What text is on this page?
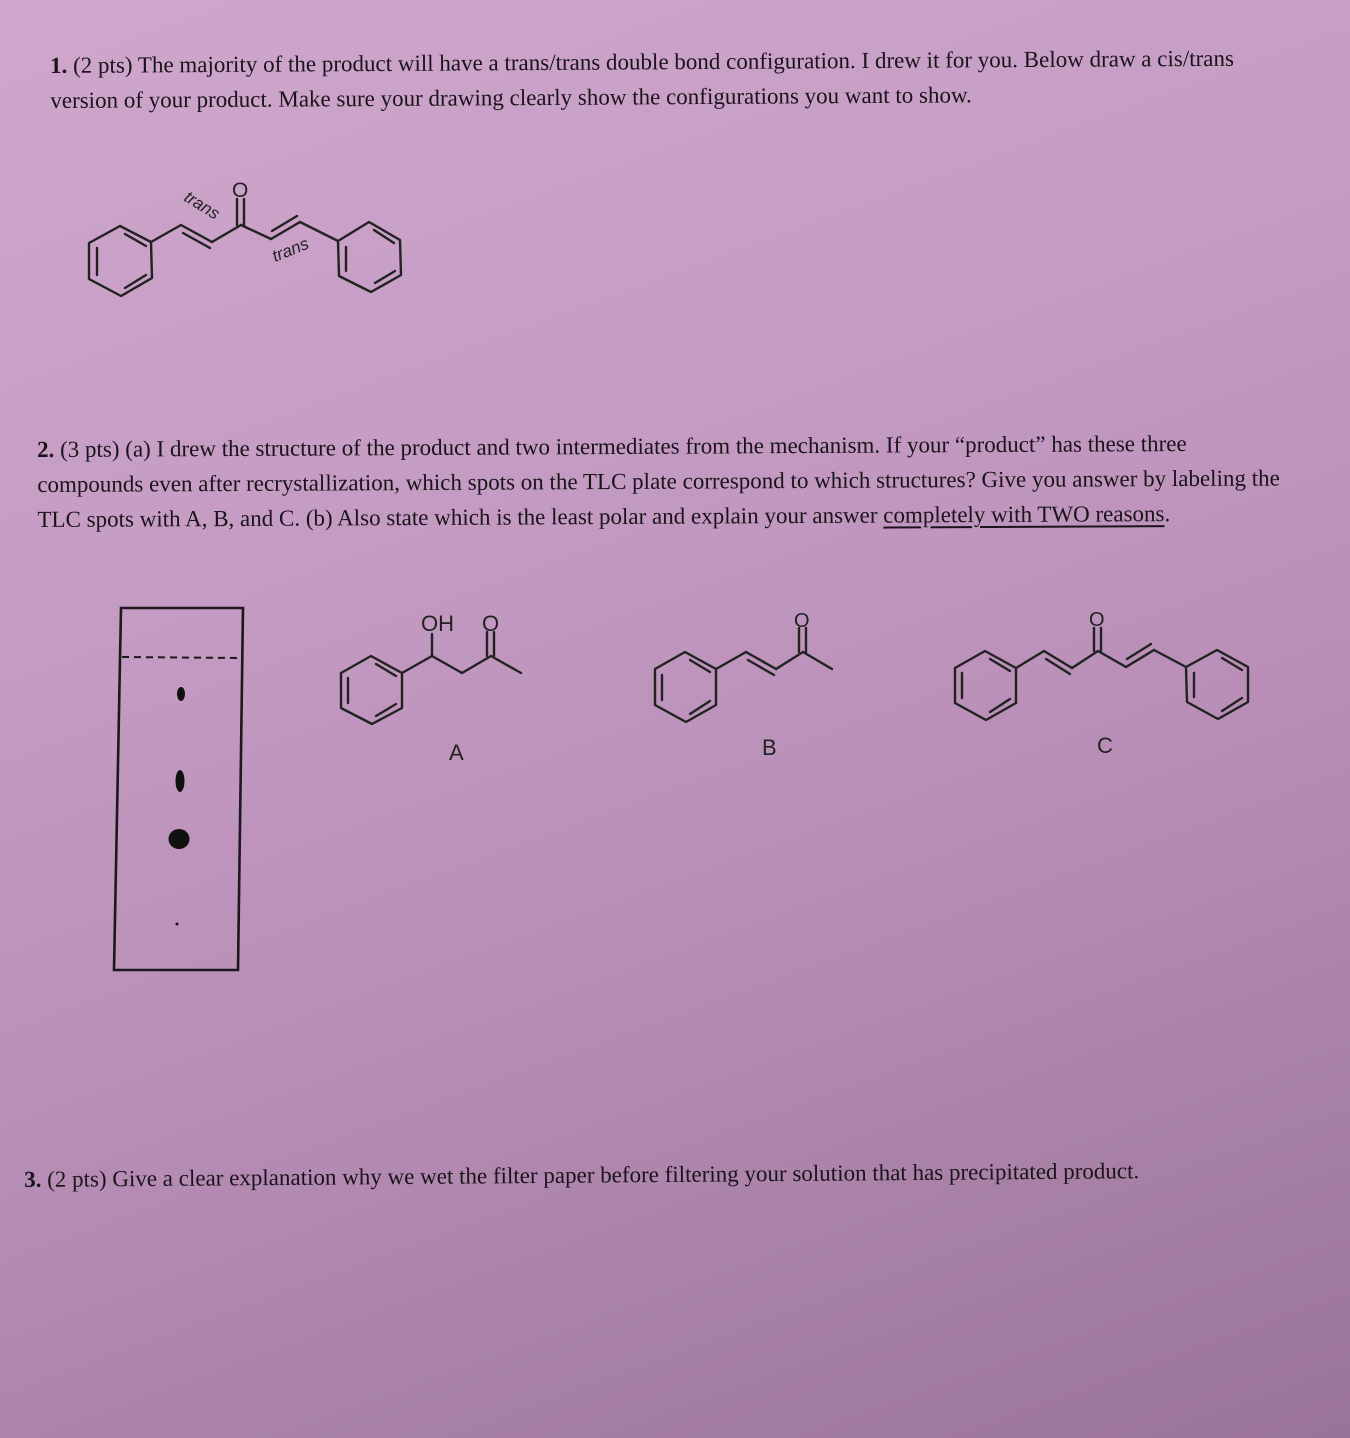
1. (2 pts) The majority of the product will have a trans/trans double bond configuration. I drew it for you. Below draw a cis/trans version of your product. Make sure your drawing clearly show the configurations you want to show.

O
trans
trans

2. (3 pts) (a) I drew the structure of the product and two intermediates from the mechanism. If your “product” has these three compounds even after recrystallization, which spots on the TLC plate correspond to which structures? Give you answer by labeling the TLC spots with A, B, and C. (b) Also state which is the least polar and explain your answer completely with TWO reasons.

OH O
A
O
B
O
C

3. (2 pts) Give a clear explanation why we wet the filter paper before filtering your solution that has precipitated product.
